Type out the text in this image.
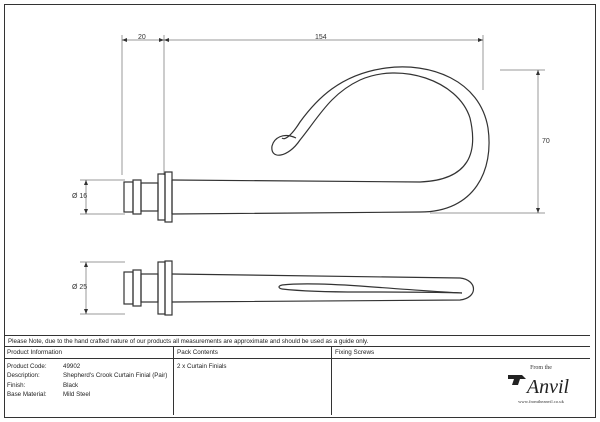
20	154
70
Ø 16
Ø 25
Please Note, due to the hand crafted nature of our products all measurements are approximate and should be used as a guide only.
Product Information
Product Code:	49902
Description:	Shepherd's Crook Curtain Finial (Pair)
Finish:	Black
Base Material:	Mild Steel
Pack Contents
2 x Curtain Finials
Fixing Screws
From the
Anvil
www.fromtheanvil.co.uk
